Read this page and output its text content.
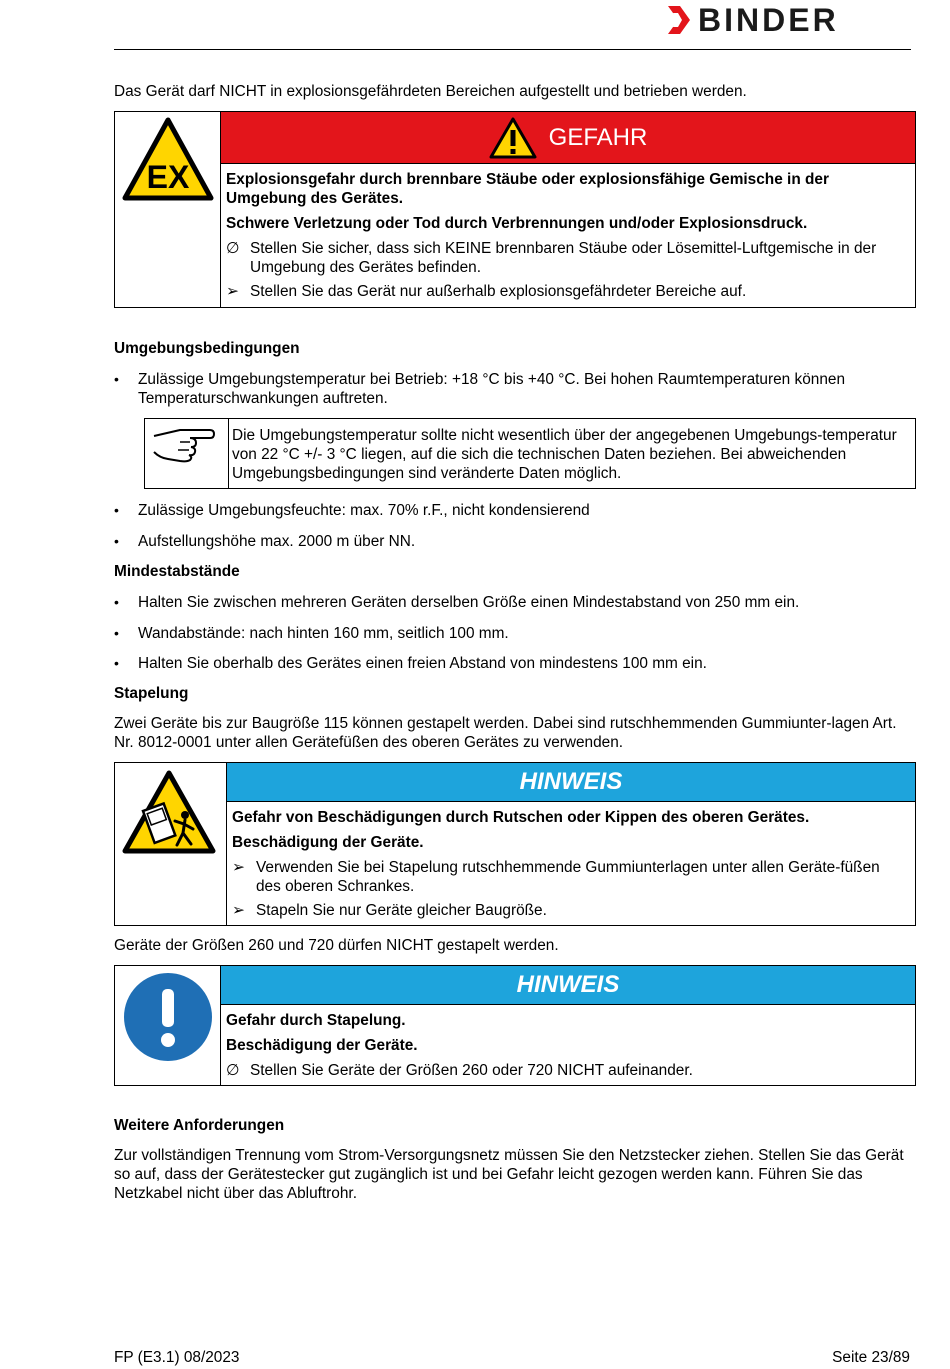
BINDER

Das Gerät darf NICHT in explosionsgefährdeten Bereichen aufgestellt und betrieben werden.

EX
GEFAHR

Explosionsgefahr durch brennbare Stäube oder explosionsfähige Gemische in der Umgebung des Gerätes.

Schwere Verletzung oder Tod durch Verbrennungen und/oder Explosionsdruck.

∅ Stellen Sie sicher, dass sich KEINE brennbaren Stäube oder Lösemittel-Luftgemische in der Umgebung des Gerätes befinden.
➢ Stellen Sie das Gerät nur außerhalb explosionsgefährdeter Bereiche auf.

Umgebungsbedingungen

•	Zulässige Umgebungstemperatur bei Betrieb: +18 °C bis +40 °C. Bei hohen Raumtemperaturen können Temperaturschwankungen auftreten.

Die Umgebungstemperatur sollte nicht wesentlich über der angegebenen Umgebungs-temperatur von 22 °C +/- 3 °C liegen, auf die sich die technischen Daten beziehen. Bei abweichenden Umgebungsbedingungen sind veränderte Daten möglich.

•	Zulässige Umgebungsfeuchte: max. 70% r.F., nicht kondensierend
•	Aufstellungshöhe max. 2000 m über NN.

Mindestabstände

•	Halten Sie zwischen mehreren Geräten derselben Größe einen Mindestabstand von 250 mm ein.
•	Wandabstände: nach hinten 160 mm, seitlich 100 mm.
•	Halten Sie oberhalb des Gerätes einen freien Abstand von mindestens 100 mm ein.

Stapelung

Zwei Geräte bis zur Baugröße 115 können gestapelt werden. Dabei sind rutschhemmenden Gummiunter-lagen Art. Nr. 8012-0001 unter allen Gerätefüßen des oberen Gerätes zu verwenden.

HINWEIS

Gefahr von Beschädigungen durch Rutschen oder Kippen des oberen Gerätes.

Beschädigung der Geräte.

➢ Verwenden Sie bei Stapelung rutschhemmende Gummiunterlagen unter allen Geräte-füßen des oberen Schrankes.
➢ Stapeln Sie nur Geräte gleicher Baugröße.

Geräte der Größen 260 und 720 dürfen NICHT gestapelt werden.

HINWEIS

Gefahr durch Stapelung.

Beschädigung der Geräte.

∅ Stellen Sie Geräte der Größen 260 oder 720 NICHT aufeinander.

Weitere Anforderungen

Zur vollständigen Trennung vom Strom-Versorgungsnetz müssen Sie den Netzstecker ziehen. Stellen Sie das Gerät so auf, dass der Gerätestecker gut zugänglich ist und bei Gefahr leicht gezogen werden kann. Führen Sie das Netzkabel nicht über das Abluftrohr.

FP (E3.1) 08/2023	Seite 23/89
